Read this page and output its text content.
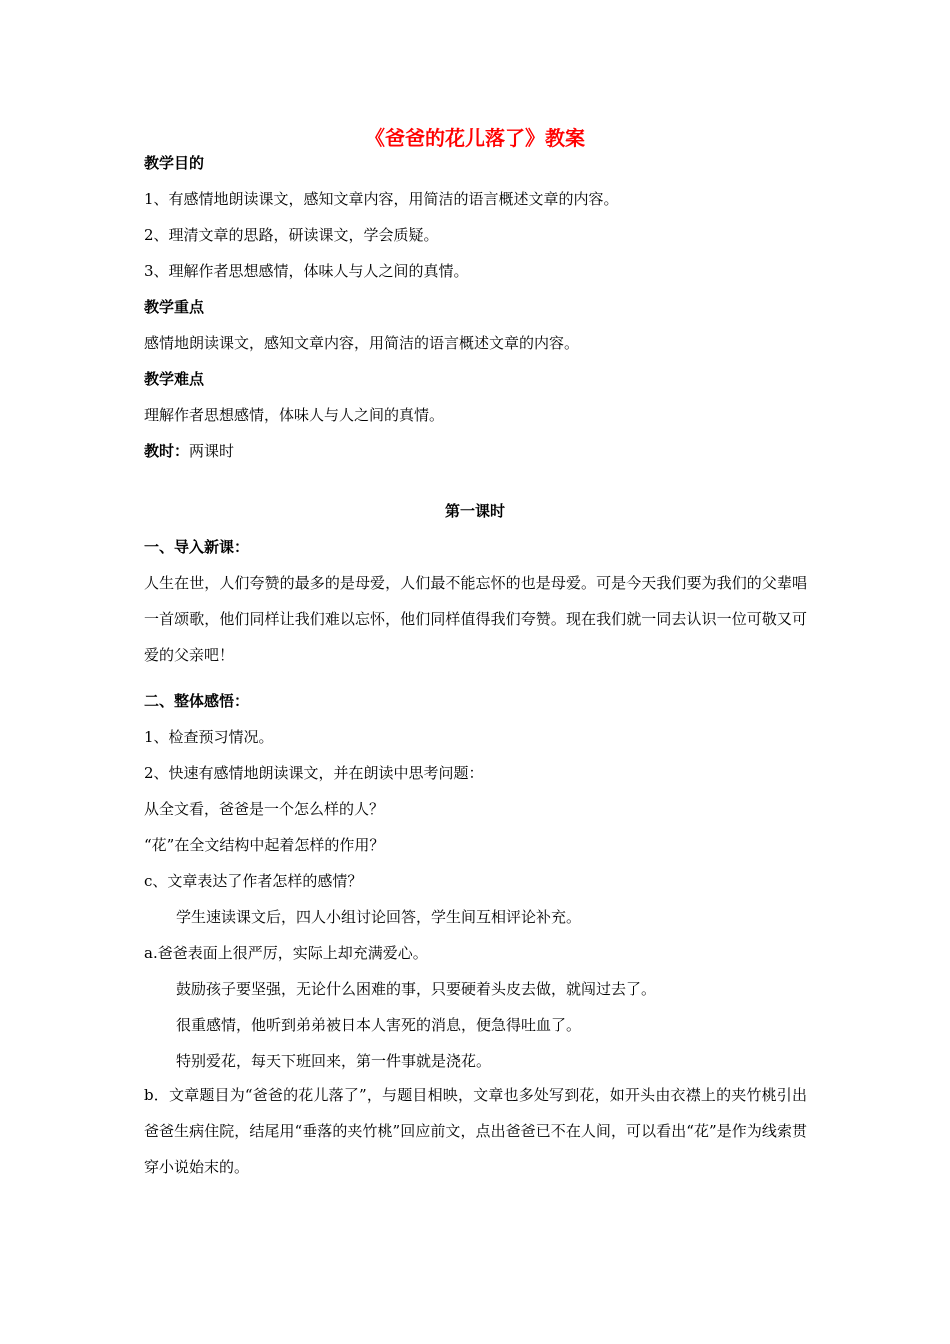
《爸爸的花儿落了》教案
教学目的
1、有感情地朗读课文，感知文章内容，用简洁的语言概述文章的内容。
2、理清文章的思路，研读课文，学会质疑。
3、理解作者思想感情，体味人与人之间的真情。
教学重点
感情地朗读课文，感知文章内容，用简洁的语言概述文章的内容。
教学难点
理解作者思想感情，体味人与人之间的真情。
教时：两课时
第一课时
一、导入新课：
人生在世，人们夸赞的最多的是母爱，人们最不能忘怀的也是母爱。可是今天我们要为我们的父辈唱一首颂歌，他们同样让我们难以忘怀，他们同样值得我们夸赞。现在我们就一同去认识一位可敬又可爱的父亲吧！
二、整体感悟：
1、检查预习情况。
2、快速有感情地朗读课文，并在朗读中思考问题：
从全文看，爸爸是一个怎么样的人？
“花”在全文结构中起着怎样的作用？
c、文章表达了作者怎样的感情？
学生速读课文后，四人小组讨论回答，学生间互相评论补充。
a.爸爸表面上很严厉，实际上却充满爱心。
鼓励孩子要坚强，无论什么困难的事，只要硬着头皮去做，就闯过去了。
很重感情，他听到弟弟被日本人害死的消息，便急得吐血了。
特别爱花，每天下班回来，第一件事就是浇花。
b．文章题目为“爸爸的花儿落了”，与题目相映，文章也多处写到花，如开头由衣襟上的夹竹桃引出爸爸生病住院，结尾用“垂落的夹竹桃”回应前文，点出爸爸已不在人间，可以看出“花”是作为线索贯穿小说始末的。
